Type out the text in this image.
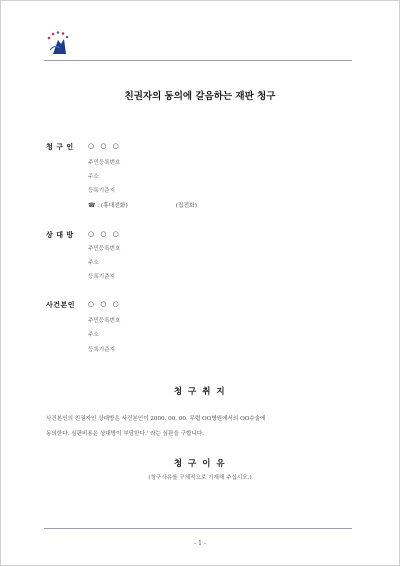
친권자의 동의에 갈음하는 재판 청구
청 구 인	○ ○ ○
주민등록번호
주소
등록기준지
☎ : (휴대전화)	(집전화)
상 대 방	○ ○ ○
주민등록번호
주소
등록기준지
사건본인	○ ○ ○
주민등록번호
주소
등록기준지
청 구 취 지
사건본인의 친권자인 상대방은 사건본인이 2000. 00. 00. 무렵 OO병원에서의 OO수술에
동의한다. 심판비용은 상대방이 부담한다.' 라는 심판을 구합니다.
청 구 이 유
(청구사유를 구체적으로 기재해 주십시오.)
- 1 -
